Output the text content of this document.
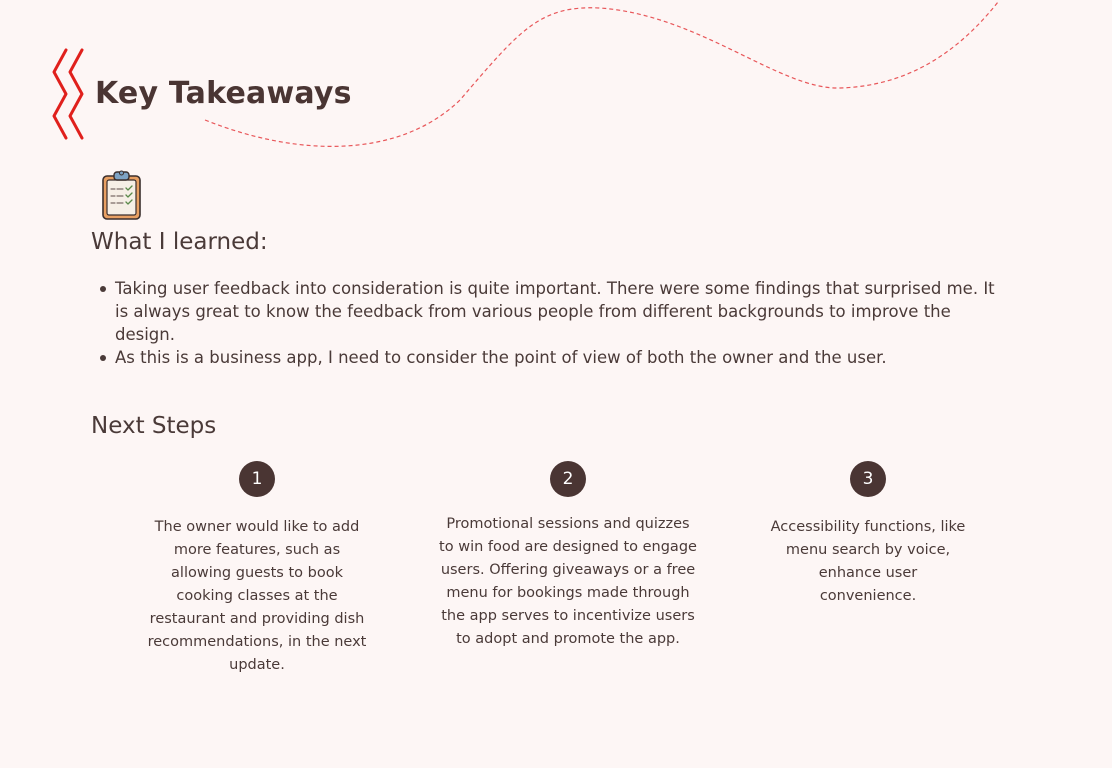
Key Takeaways
What I learned:
Taking user feedback into consideration is quite important. There were some findings that surprised me. It is always great to know the feedback from various people from different backgrounds to improve the design.
As this is a business app, I need to consider the point of view of both the owner and the user.
Next Steps
1
The owner would like to add more features, such as allowing guests to book cooking classes at the restaurant and providing dish recommendations, in the next update.
2
Promotional sessions and quizzes to win food are designed to engage users. Offering giveaways or a free menu for bookings made through the app serves to incentivize users to adopt and promote the app.
3
Accessibility functions, like menu search by voice, enhance user convenience.
